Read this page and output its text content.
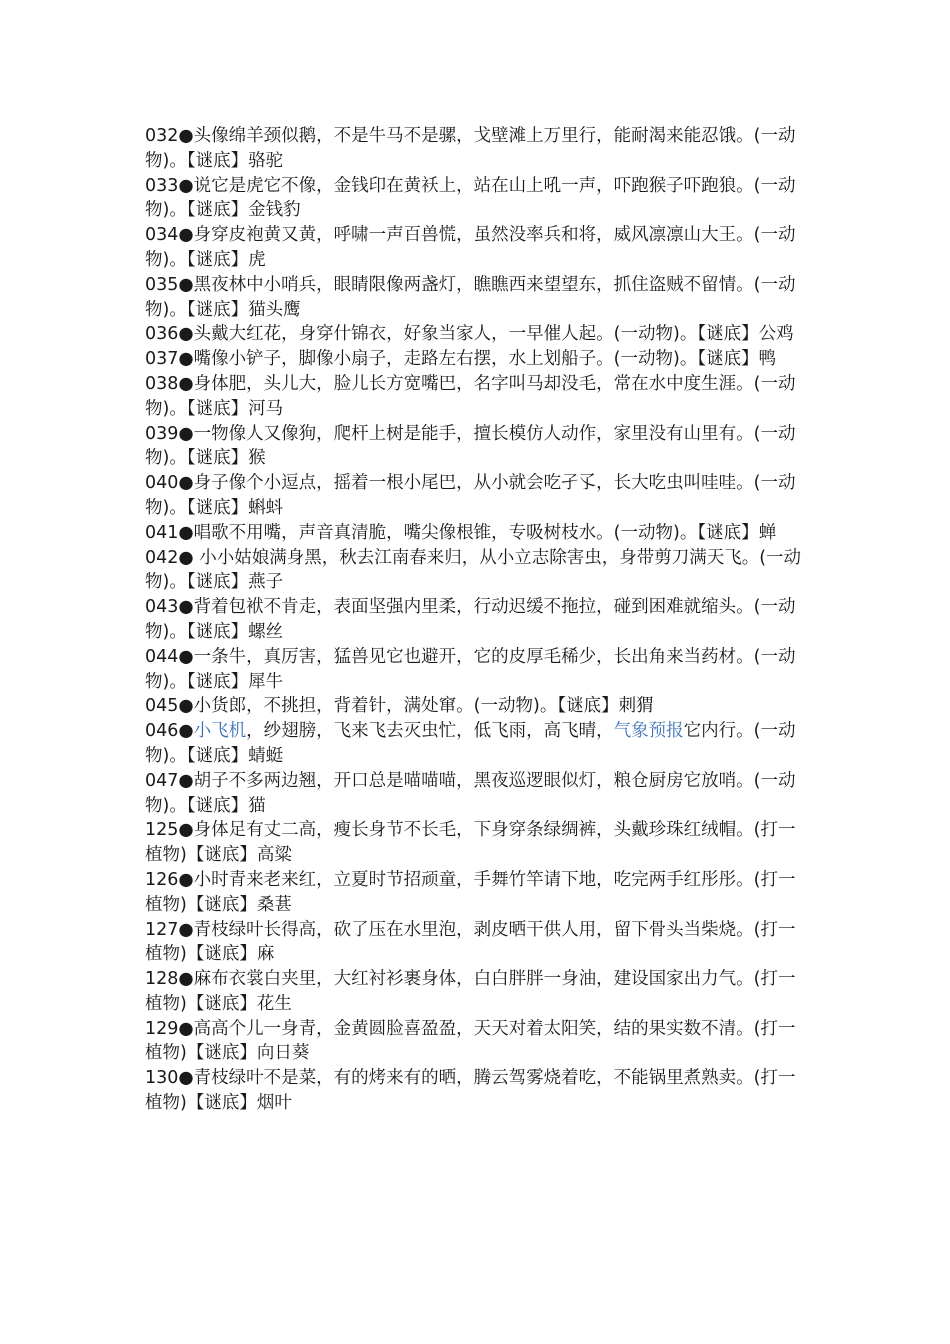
032●头像绵羊颈似鹅，不是牛马不是骡，戈壁滩上万里行，能耐渴来能忍饿。(一动物)。【谜底】骆驼

033●说它是虎它不像，金钱印在黄袄上，站在山上吼一声，吓跑猴子吓跑狼。(一动物)。【谜底】金钱豹

034●身穿皮袍黄又黄，呼啸一声百兽慌，虽然没率兵和将，威风凛凛山大王。(一动物)。【谜底】虎

035●黑夜林中小哨兵，眼睛限像两盏灯，瞧瞧西来望望东，抓住盗贼不留情。(一动物)。【谜底】猫头鹰

036●头戴大红花，身穿什锦衣，好象当家人，一早催人起。(一动物)。【谜底】公鸡

037●嘴像小铲子，脚像小扇子，走路左右摆，水上划船子。(一动物)。【谜底】鸭

038●身体肥，头儿大，脸儿长方宽嘴巴，名字叫马却没毛，常在水中度生涯。(一动物)。【谜底】河马

039●一物像人又像狗，爬杆上树是能手，擅长模仿人动作，家里没有山里有。(一动物)。【谜底】猴

040●身子像个小逗点，摇着一根小尾巴，从小就会吃孑孓，长大吃虫叫哇哇。(一动物)。【谜底】蝌蚪

041●唱歌不用嘴，声音真清脆，嘴尖像根锥，专吸树枝水。(一动物)。【谜底】蝉

042● 小小姑娘满身黑，秋去江南春来归，从小立志除害虫，身带剪刀满天飞。(一动物)。【谜底】燕子

043●背着包袱不肯走，表面坚强内里柔，行动迟缓不拖拉，碰到困难就缩头。(一动物)。【谜底】螺丝

044●一条牛，真厉害，猛兽见它也避开，它的皮厚毛稀少，长出角来当药材。(一动物)。【谜底】犀牛

045●小货郎，不挑担，背着针，满处窜。(一动物)。【谜底】刺猬

046●小飞机，纱翅膀，飞来飞去灭虫忙，低飞雨，高飞晴，气象预报它内行。(一动物)。【谜底】蜻蜓

047●胡子不多两边翘，开口总是喵喵喵，黑夜巡逻眼似灯，粮仓厨房它放哨。(一动物)。【谜底】猫

125●身体足有丈二高，瘦长身节不长毛，下身穿条绿绸裤，头戴珍珠红绒帽。(打一植物)【谜底】高粱

126●小时青来老来红，立夏时节招顽童，手舞竹竿请下地，吃完两手红彤彤。(打一植物)【谜底】桑葚

127●青枝绿叶长得高，砍了压在水里泡，剥皮晒干供人用，留下骨头当柴烧。(打一植物)【谜底】麻

128●麻布衣裳白夹里，大红衬衫裹身体，白白胖胖一身油，建设国家出力气。(打一植物)【谜底】花生

129●高高个儿一身青，金黄圆脸喜盈盈，天天对着太阳笑，结的果实数不清。(打一植物)【谜底】向日葵

130●青枝绿叶不是菜，有的烤来有的晒，腾云驾雾烧着吃，不能锅里煮熟卖。(打一植物)【谜底】烟叶
